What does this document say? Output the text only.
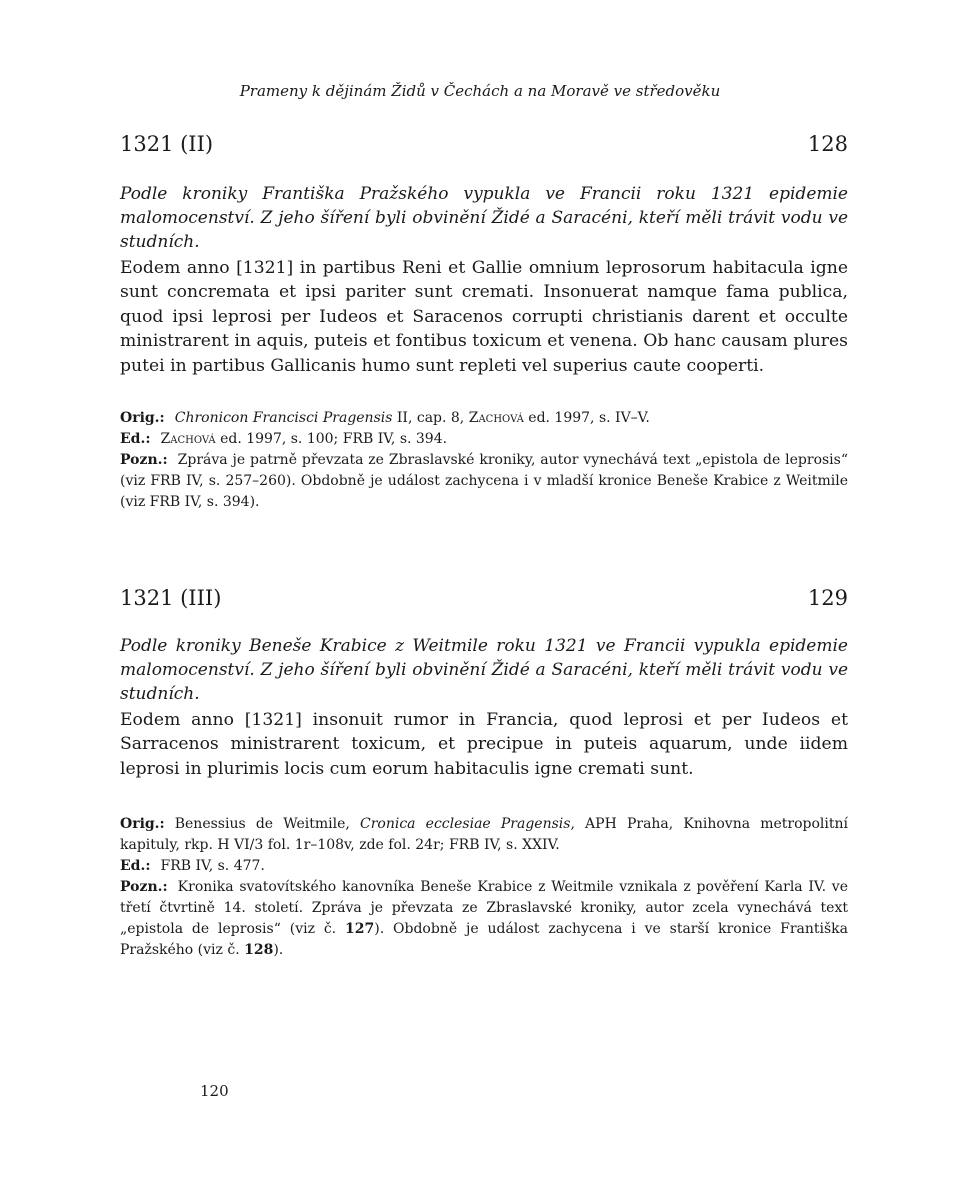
Prameny k dějinám Židů v Čechách a na Moravě ve středověku
1321 (II)	128

Podle kroniky Františka Pražského vypukla ve Francii roku 1321 epidemie malomocenství. Z jeho šíření byli obvinění Židé a Saracéni, kteří měli trávit vodu ve studních.

Eodem anno [1321] in partibus Reni et Gallie omnium leprosorum habitacula igne sunt concremata et ipsi pariter sunt cremati. Insonuerat namque fama publica, quod ipsi leprosi per Iudeos et Saracenos corrupti christianis darent et occulte ministrarent in aquis, puteis et fontibus toxicum et venena. Ob hanc causam plures putei in partibus Gallicanis humo sunt repleti vel superius caute cooperti.

Orig.: Chronicon Francisci Pragensis II, cap. 8, Zachová ed. 1997, s. IV–V.

Ed.: Zachová ed. 1997, s. 100; FRB IV, s. 394.

Pozn.: Zpráva je patrně převzata ze Zbraslavské kroniky, autor vynechává text „epistola de leprosis“ (viz FRB IV, s. 257–260). Obdobně je událost zachycena i v mladší kronice Beneše Krabice z Weitmile (viz FRB IV, s. 394).

1321 (III)	129

Podle kroniky Beneše Krabice z Weitmile roku 1321 ve Francii vypukla epidemie malomocenství. Z jeho šíření byli obvinění Židé a Saracéni, kteří měli trávit vodu ve studních.

Eodem anno [1321] insonuit rumor in Francia, quod leprosi et per Iudeos et Sarracenos ministrarent toxicum, et precipue in puteis aquarum, unde iidem leprosi in plurimis locis cum eorum habitaculis igne cremati sunt.

Orig.: Benessius de Weitmile, Cronica ecclesiae Pragensis, APH Praha, Knihovna metropolitní kapituly, rkp. H VI/3 fol. 1r–108v, zde fol. 24r; FRB IV, s. XXIV.

Ed.: FRB IV, s. 477.

Pozn.: Kronika svatovítského kanovníka Beneše Krabice z Weitmile vznikala z pověření Karla IV. ve třetí čtvrtině 14. století. Zpráva je převzata ze Zbraslavské kroniky, autor zcela vynechává text „epistola de leprosis“ (viz č. 127). Obdobně je událost zachycena i ve starší kronice Františka Pražského (viz č. 128).

120
